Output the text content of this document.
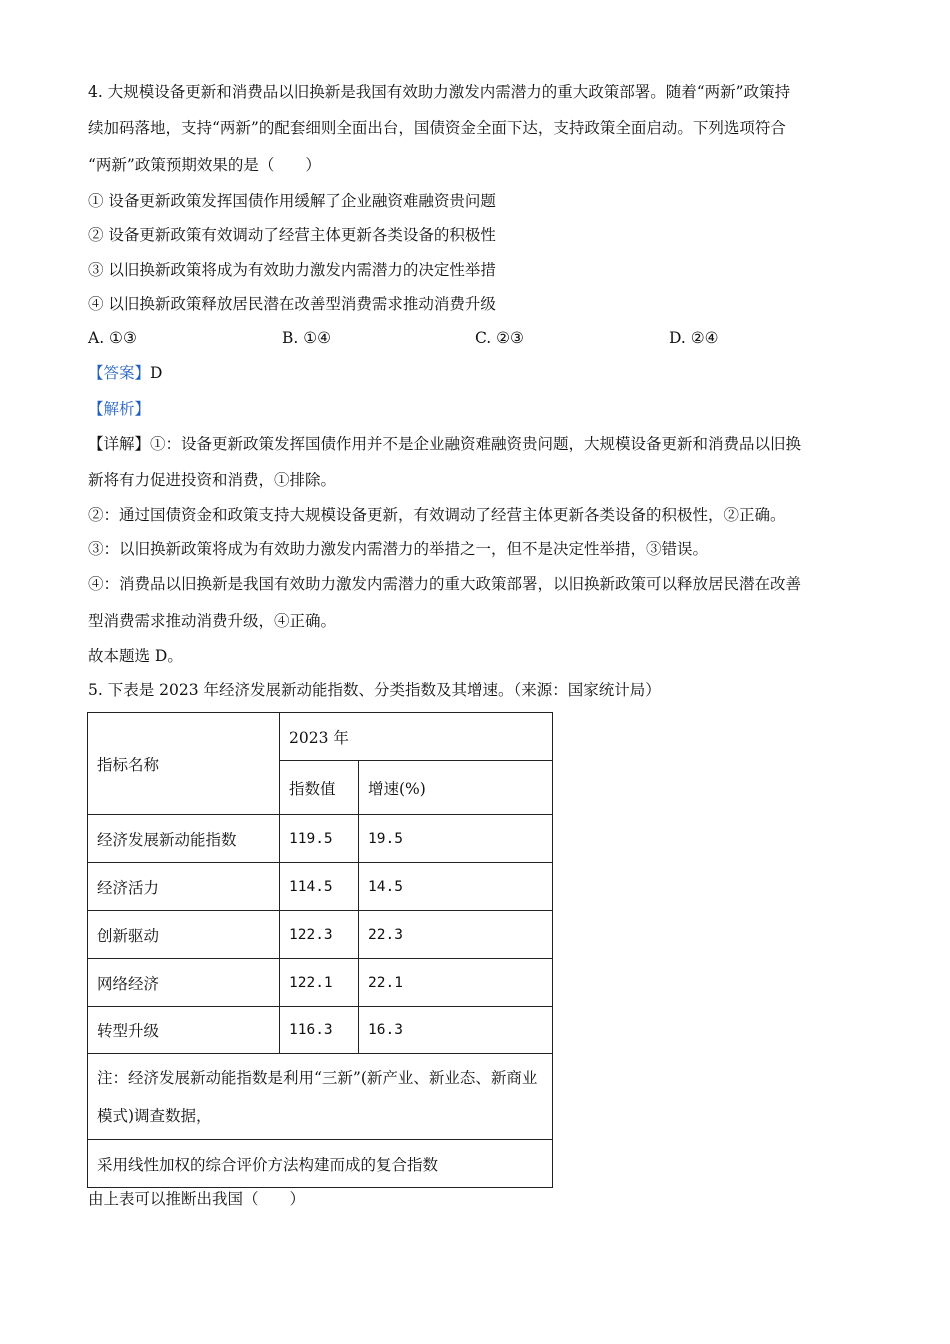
4. 大规模设备更新和消费品以旧换新是我国有效助力激发内需潜力的重大政策部署。随着“两新”政策持
续加码落地，支持“两新”的配套细则全面出台，国债资金全面下达，支持政策全面启动。下列选项符合
“两新”政策预期效果的是（　　）
① 设备更新政策发挥国债作用缓解了企业融资难融资贵问题
② 设备更新政策有效调动了经营主体更新各类设备的积极性
③ 以旧换新政策将成为有效助力激发内需潜力的决定性举措
④ 以旧换新政策释放居民潜在改善型消费需求推动消费升级
A. ①③	B. ①④	C. ②③	D. ②④
【答案】D
【解析】
【详解】①：设备更新政策发挥国债作用并不是企业融资难融资贵问题，大规模设备更新和消费品以旧换
新将有力促进投资和消费，①排除。
②：通过国债资金和政策支持大规模设备更新，有效调动了经营主体更新各类设备的积极性，②正确。
③：以旧换新政策将成为有效助力激发内需潜力的举措之一，但不是决定性举措，③错误。
④：消费品以旧换新是我国有效助力激发内需潜力的重大政策部署，以旧换新政策可以释放居民潜在改善
型消费需求推动消费升级，④正确。
故本题选 D。
5. 下表是 2023 年经济发展新动能指数、分类指数及其增速。（来源：国家统计局）
指标名称	2023 年	
	指数值	增速(%)
经济发展新动能指数	119.5	19.5
经济活力	114.5	14.5
创新驱动	122.3	22.3
网络经济	122.1	22.1
转型升级	116.3	16.3
注：经济发展新动能指数是利用“三新”(新产业、新业态、新商业模式)调查数据，		
采用线性加权的综合评价方法构建而成的复合指数		
由上表可以推断出我国（　　）
